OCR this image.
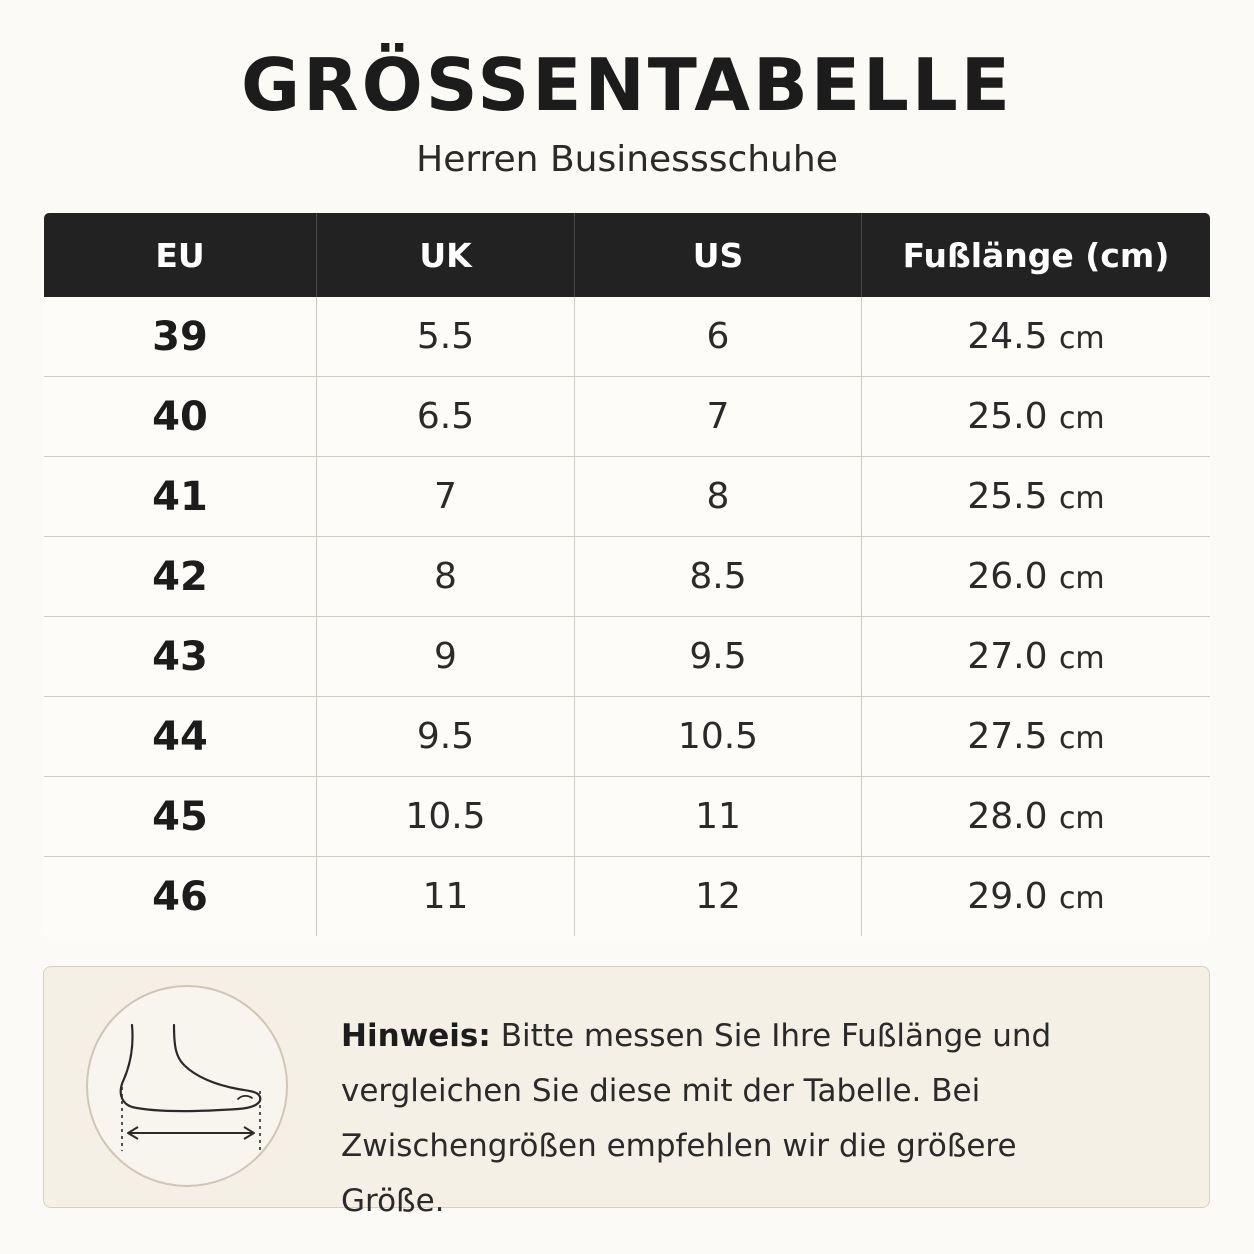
GRÖSSENTABELLE
Herren Businessschuhe
EU	UK	US	Fußlänge (cm)
39	5.5	6	24.5 cm
40	6.5	7	25.0 cm
41	7	8	25.5 cm
42	8	8.5	26.0 cm
43	9	9.5	27.0 cm
44	9.5	10.5	27.5 cm
45	10.5	11	28.0 cm
46	11	12	29.0 cm
Hinweis: Bitte messen Sie Ihre Fußlänge und vergleichen Sie diese mit der Tabelle. Bei Zwischengrößen empfehlen wir die größere Größe.
